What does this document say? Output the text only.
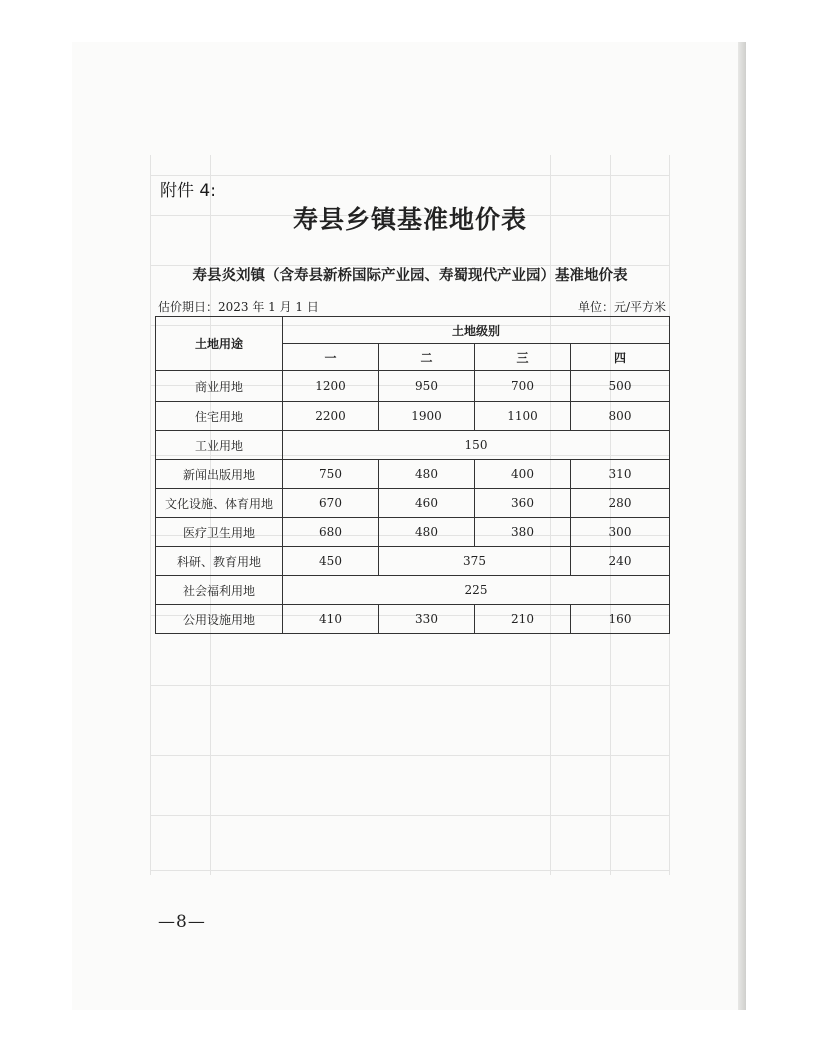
附件 4:
寿县乡镇基准地价表
寿县炎刘镇（含寿县新桥国际产业园、寿蜀现代产业园）基准地价表
估价期日：2023 年 1 月 1 日	单位：元/平方米
土地用途	土地级别			
	一	二	三	四
商业用地	1200	950	700	500
住宅用地	2200	1900	1100	800
工业用地	150			
新闻出版用地	750	480	400	310
文化设施、体育用地	670	460	360	280
医疗卫生用地	680	480	380	300
科研、教育用地	450	375		240
社会福利用地	225			
公用设施用地	410	330	210	160
—8—
